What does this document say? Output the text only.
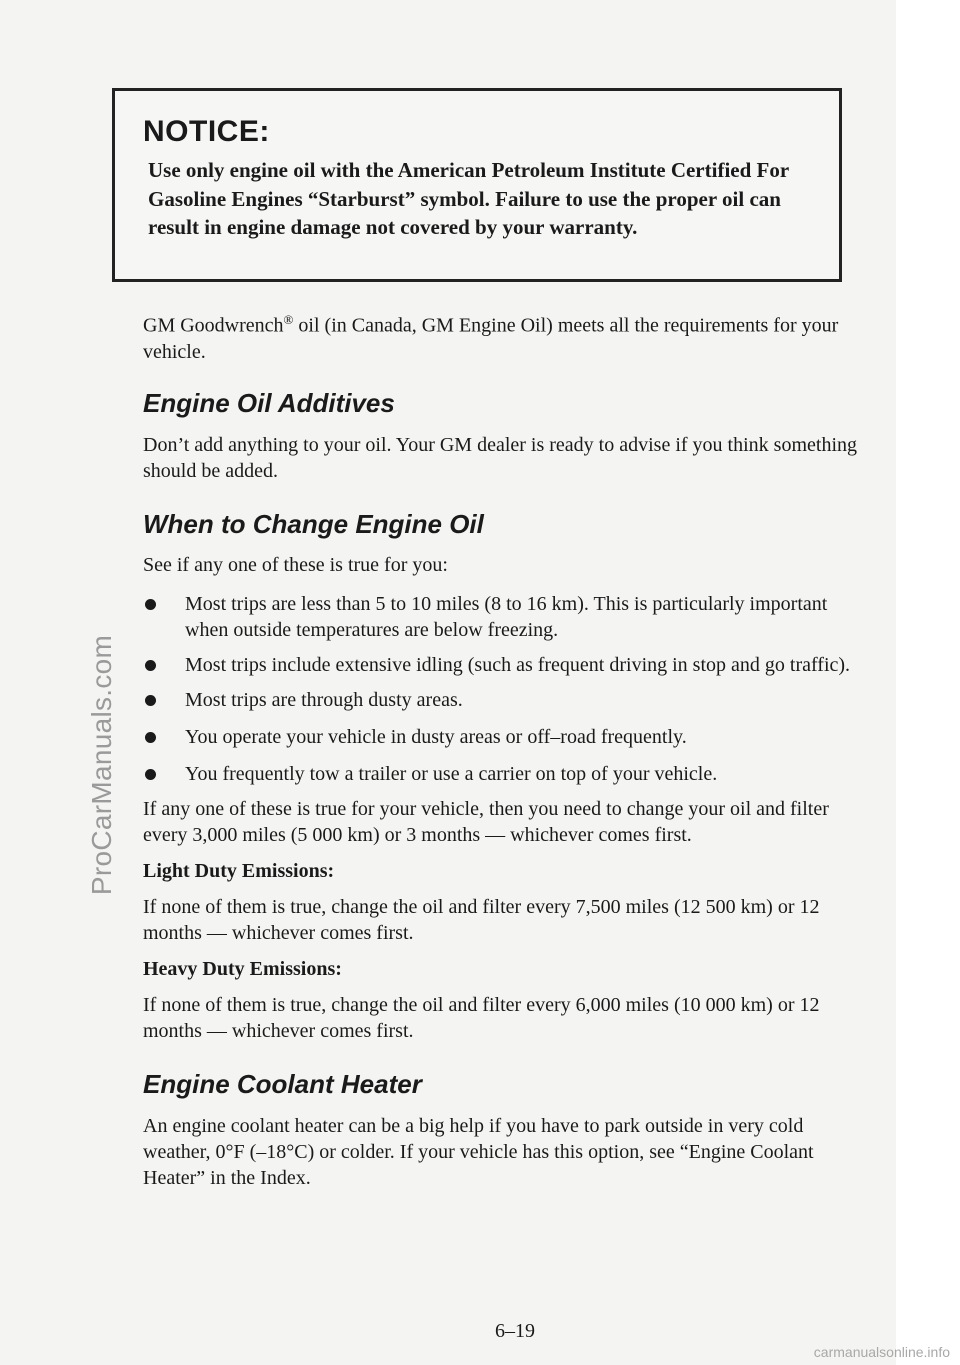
ProCarManuals.com
NOTICE:

Use only engine oil with the American Petroleum Institute Certified For Gasoline Engines “Starburst” symbol. Failure to use the proper oil can result in engine damage not covered by your warranty.

GM Goodwrench® oil (in Canada, GM Engine Oil) meets all the requirements for your vehicle.

Engine Oil Additives

Don’t add anything to your oil. Your GM dealer is ready to advise if you think something should be added.

When to Change Engine Oil

See if any one of these is true for you:

Most trips are less than 5 to 10 miles (8 to 16 km). This is particularly important when outside temperatures are below freezing.
Most trips include extensive idling (such as frequent driving in stop and go traffic).
Most trips are through dusty areas.
You operate your vehicle in dusty areas or off–road frequently.
You frequently tow a trailer or use a carrier on top of your vehicle.

If any one of these is true for your vehicle, then you need to change your oil and filter every 3,000 miles (5 000 km) or 3 months — whichever comes first.

Light Duty Emissions:

If none of them is true, change the oil and filter every 7,500 miles (12 500 km) or 12 months — whichever comes first.

Heavy Duty Emissions:

If none of them is true, change the oil and filter every 6,000 miles (10 000 km) or 12 months — whichever comes first.

Engine Coolant Heater

An engine coolant heater can be a big help if you have to park outside in very cold weather, 0°F (–18°C) or colder. If your vehicle has this option, see “Engine Coolant Heater” in the Index.

6–19

carmanualsonline.info
